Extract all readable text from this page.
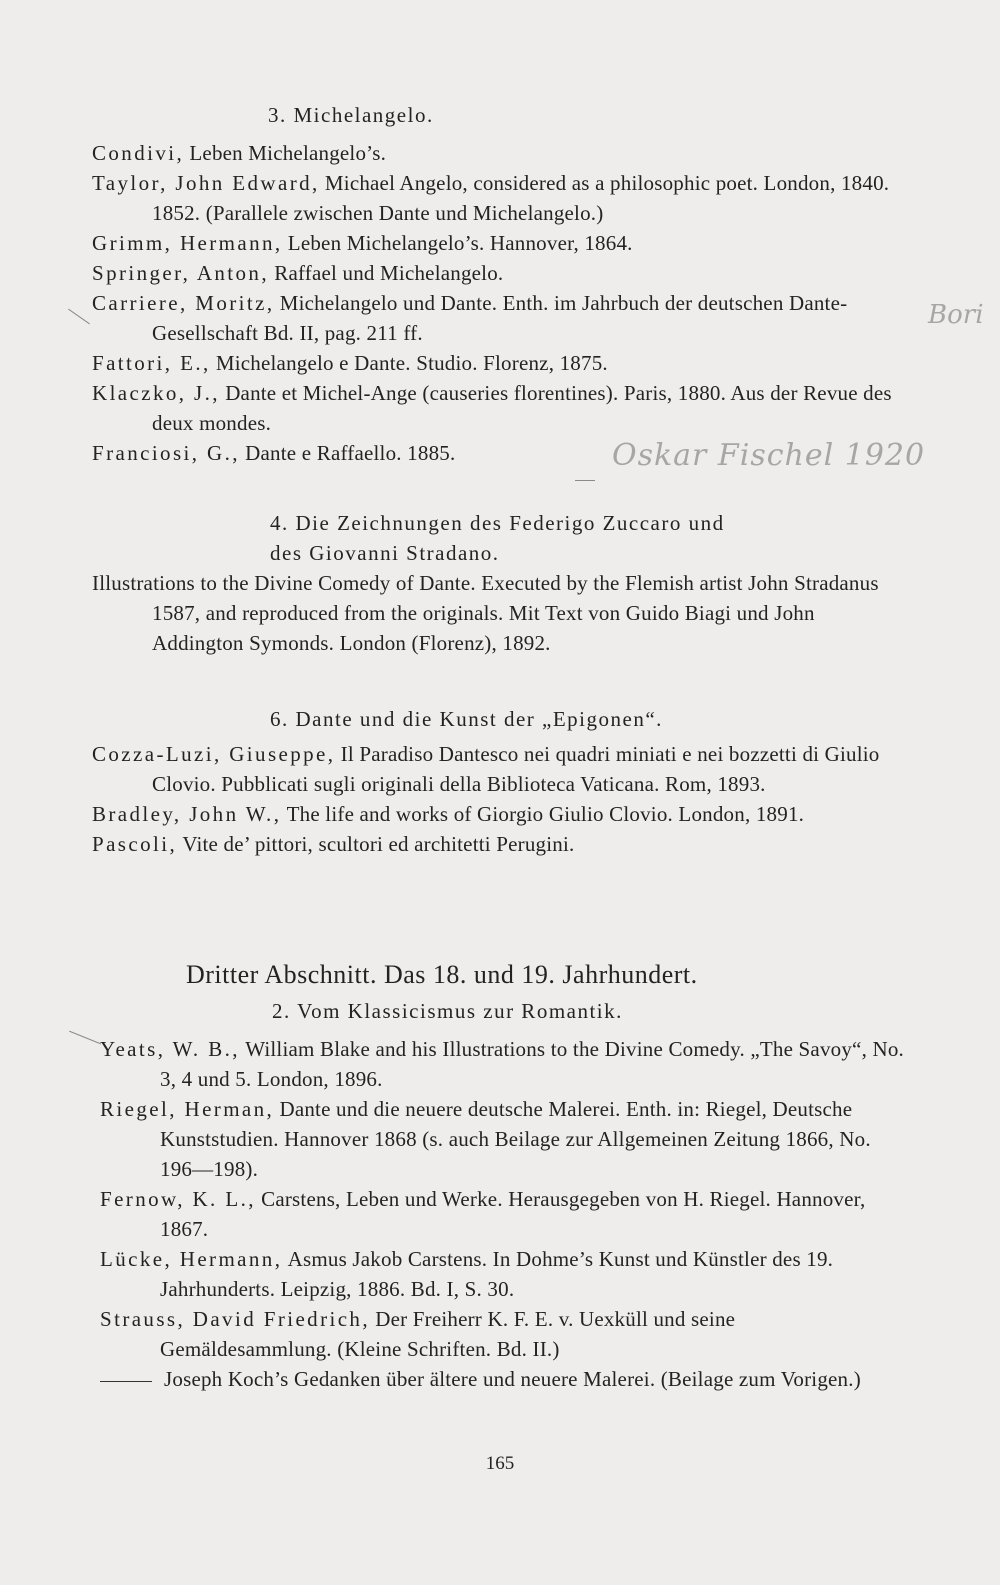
3. Michelangelo.

Condivi, Leben Michelangelo’s.

Taylor, John Edward, Michael Angelo, considered as a philosophic poet. London, 1840. 1852. (Parallele zwischen Dante und Michelangelo.)

Grimm, Hermann, Leben Michelangelo’s. Hannover, 1864.

Springer, Anton, Raffael und Michelangelo.

Carriere, Moritz, Michelangelo und Dante. Enth. im Jahrbuch der deutschen Dante-Gesellschaft Bd. II, pag. 211 ff.

Fattori, E., Michelangelo e Dante. Studio. Florenz, 1875.

Klaczko, J., Dante et Michel-Ange (causeries florentines). Paris, 1880. Aus der Revue des deux mondes.

Franciosi, G., Dante e Raffaello. 1885.

4. Die Zeichnungen des Federigo Zuccaro und
des Giovanni Stradano.

Illustrations to the Divine Comedy of Dante. Executed by the Flemish artist John Stradanus 1587, and reproduced from the originals. Mit Text von Guido Biagi und John Addington Symonds. London (Florenz), 1892.

6. Dante und die Kunst der „Epigonen“.

Cozza-Luzi, Giuseppe, Il Paradiso Dantesco nei quadri miniati e nei bozzetti di Giulio Clovio. Pubblicati sugli originali della Biblioteca Vaticana. Rom, 1893.

Bradley, John W., The life and works of Giorgio Giulio Clovio. London, 1891.

Pascoli, Vite de’ pittori, scultori ed architetti Perugini.

Dritter Abschnitt. Das 18. und 19. Jahrhundert.
2. Vom Klassicismus zur Romantik.

Yeats, W. B., William Blake and his Illustrations to the Divine Comedy. „The Savoy“, No. 3, 4 und 5. London, 1896.

Riegel, Herman, Dante und die neuere deutsche Malerei. Enth. in: Riegel, Deutsche Kunststudien. Hannover 1868 (s. auch Beilage zur Allgemeinen Zeitung 1866, No. 196—198).

Fernow, K. L., Carstens, Leben und Werke. Herausgegeben von H. Riegel. Hannover, 1867.

Lücke, Hermann, Asmus Jakob Carstens. In Dohme’s Kunst und Künstler des 19. Jahrhunderts. Leipzig, 1886. Bd. I, S. 30.

Strauss, David Friedrich, Der Freiherr K. F. E. v. Uexküll und seine Gemäldesammlung. (Kleine Schriften. Bd. II.)

Joseph Koch’s Gedanken über ältere und neuere Malerei. (Beilage zum Vorigen.)

165
Bori
Oskar Fischel 1920
